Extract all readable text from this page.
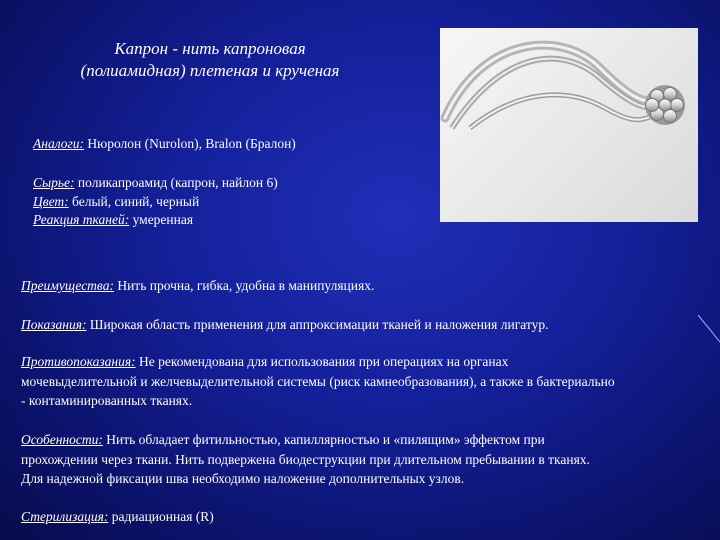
Капрон - нить капроновая
(полиамидная) плетеная и крученая
Аналоги: Нюролон (Nurolon), Bralon (Бралон)
Сырье: поликапроамид (капрон, найлон 6)
Цвет: белый, синий, черный
Реакция тканей: умеренная
Преимущества: Нить прочна, гибка, удобна в манипуляциях.
Показания: Широкая область применения для аппроксимации тканей и наложения лигатур.
Противопоказания: Не рекомендована для использования при операциях на органах
мочевыделительной и желчевыделительной системы (риск камнеобразования), а также в бактериально
- контаминированных тканях.
Особенности: Нить обладает фитильностью, капиллярностью и «пилящим» эффектом при
прохождении через ткани. Нить подвержена биодеструкции при длительном пребывании в тканях.
Для надежной фиксации шва необходимо наложение дополнительных узлов.
Стерилизация: радиационная (R)
